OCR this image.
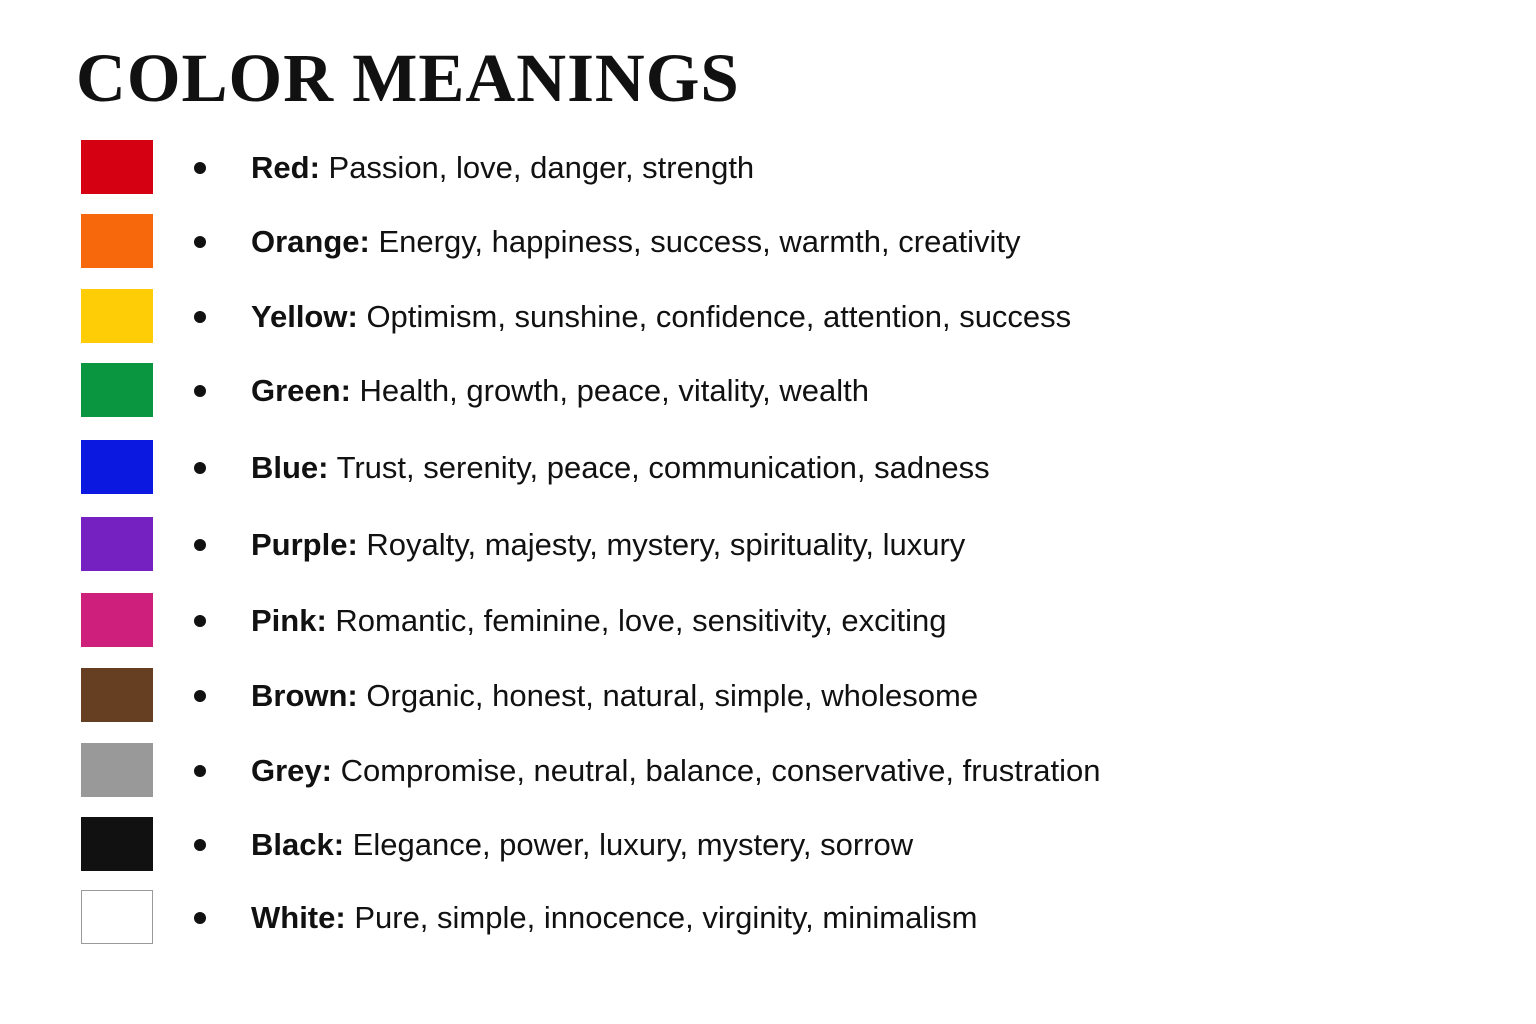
COLOR MEANINGS
Red: Passion, love, danger, strength
Orange: Energy, happiness, success, warmth, creativity
Yellow: Optimism, sunshine, confidence, attention, success
Green: Health, growth, peace, vitality, wealth
Blue: Trust, serenity, peace, communication, sadness
Purple: Royalty, majesty, mystery, spirituality, luxury
Pink: Romantic, feminine, love, sensitivity, exciting
Brown: Organic, honest, natural, simple, wholesome
Grey: Compromise, neutral, balance, conservative, frustration
Black: Elegance, power, luxury, mystery, sorrow
White: Pure, simple, innocence, virginity, minimalism
